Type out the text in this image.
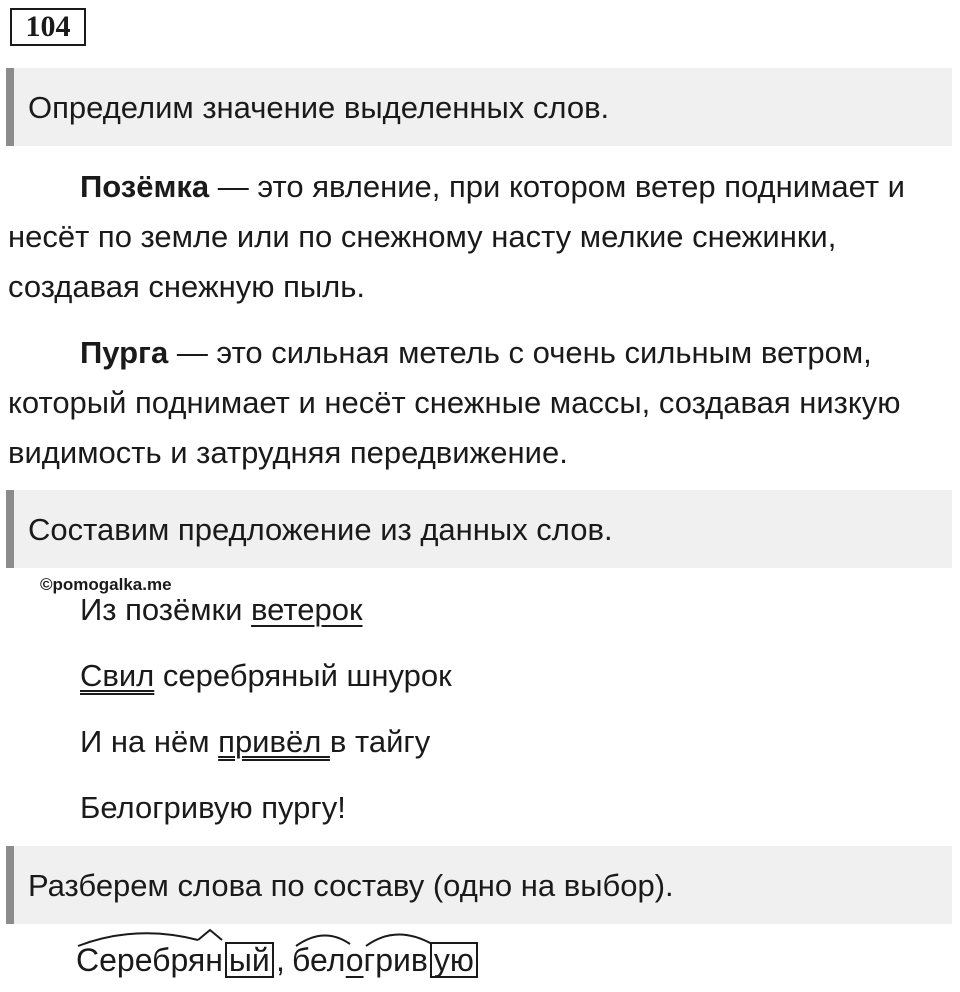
104
Определим значение выделенных слов.

Позёмка — это явление, при котором ветер поднимает и несёт по земле или по снежному насту мелкие снежинки, создавая снежную пыль.

Пурга — это сильная метель с очень сильным ветром, который поднимает и несёт снежные массы, создавая низкую видимость и затрудняя передвижение.

Составим предложение из данных слов.
©pomogalka.me
Из позёмки ветерок
Свил серебряный шнурок
И на нём привёл в тайгу
Белогривую пургу!
Разберем слова по составу (одно на выбор).
Серебрян ый , белогрив ую
